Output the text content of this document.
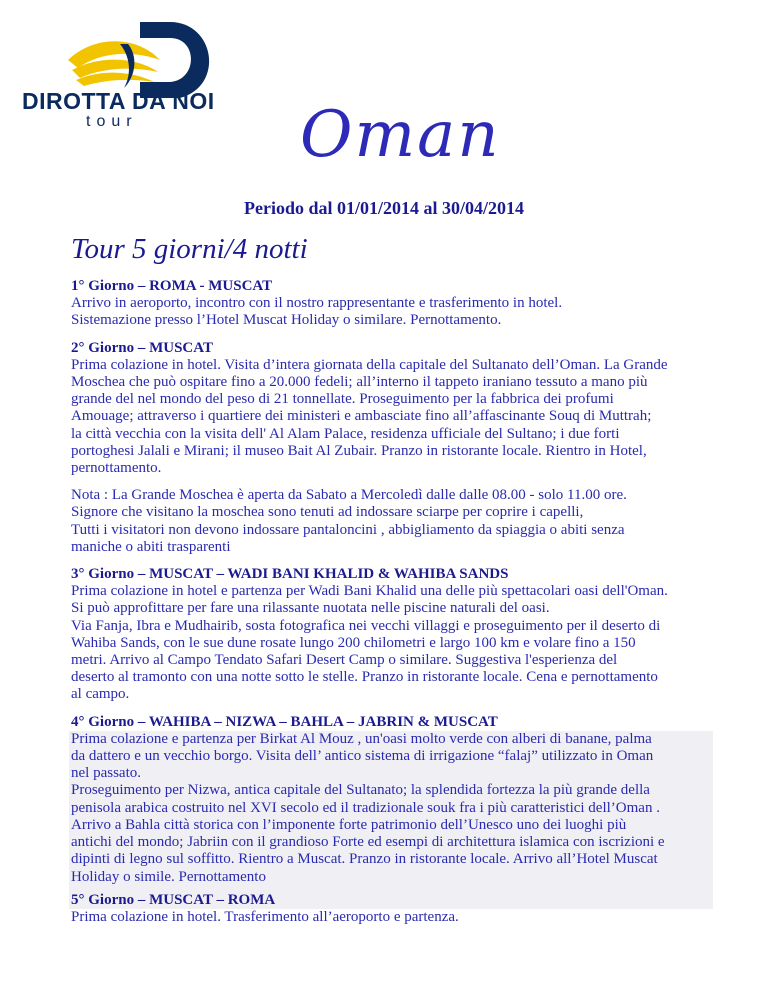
DIROTTA DA NOI
tour	Oman
Periodo dal 01/01/2014 al 30/04/2014
Tour 5 giorni/4 notti
1° Giorno – ROMA - MUSCAT

Arrivo in aeroporto, incontro con il nostro rappresentante e trasferimento in hotel.

Sistemazione presso l’Hotel Muscat Holiday o similare. Pernottamento.

2° Giorno – MUSCAT

Prima colazione in hotel. Visita d’intera giornata della capitale del Sultanato dell’Oman. La Grande

Moschea che può ospitare fino a 20.000 fedeli; all’interno il tappeto iraniano tessuto a mano più

grande del nel mondo del peso di 21 tonnellate. Proseguimento per la fabbrica dei profumi

Amouage; attraverso i quartiere dei ministeri e ambasciate fino all’affascinante Souq di Muttrah;

la città vecchia con la visita dell' Al Alam Palace, residenza ufficiale del Sultano; i due forti

portoghesi Jalali e Mirani; il museo Bait Al Zubair. Pranzo in ristorante locale. Rientro in Hotel,

pernottamento.

Nota : La Grande Moschea è aperta da Sabato a Mercoledì dalle dalle 08.00 - solo 11.00 ore.

Signore che visitano la moschea sono tenuti ad indossare sciarpe per coprire i capelli,

Tutti i visitatori non devono indossare pantaloncini , abbigliamento da spiaggia o abiti senza

maniche o abiti trasparenti

3° Giorno – MUSCAT – WADI BANI KHALID & WAHIBA SANDS

Prima colazione in hotel e partenza per Wadi Bani Khalid una delle più spettacolari oasi dell'Oman.

Si può approfittare per fare una rilassante nuotata nelle piscine naturali del oasi.

Via Fanja, Ibra e Mudhairib, sosta fotografica nei vecchi villaggi e proseguimento per il deserto di

Wahiba Sands, con le sue dune rosate lungo 200 chilometri e largo 100 km e volare fino a 150

metri. Arrivo al Campo Tendato Safari Desert Camp o similare. Suggestiva l'esperienza del

deserto al tramonto con una notte sotto le stelle. Pranzo in ristorante locale. Cena e pernottamento

al campo.

4° Giorno – WAHIBA – NIZWA – BAHLA – JABRIN & MUSCAT

Prima colazione e partenza per Birkat Al Mouz , un'oasi molto verde con alberi di banane, palma

da dattero e un vecchio borgo. Visita dell’ antico sistema di irrigazione “falaj” utilizzato in Oman

nel passato.

Proseguimento per Nizwa, antica capitale del Sultanato; la splendida fortezza la più grande della

penisola arabica costruito nel XVI secolo ed il tradizionale souk fra i più caratteristici dell’Oman .

Arrivo a Bahla città storica con l’imponente forte patrimonio dell’Unesco uno dei luoghi più

antichi del mondo; Jabriin con il grandioso Forte ed esempi di architettura islamica con iscrizioni e

dipinti di legno sul soffitto. Rientro a Muscat. Pranzo in ristorante locale. Arrivo all’Hotel Muscat

Holiday o simile. Pernottamento

5° Giorno – MUSCAT – ROMA

Prima colazione in hotel. Trasferimento all’aeroporto e partenza.
